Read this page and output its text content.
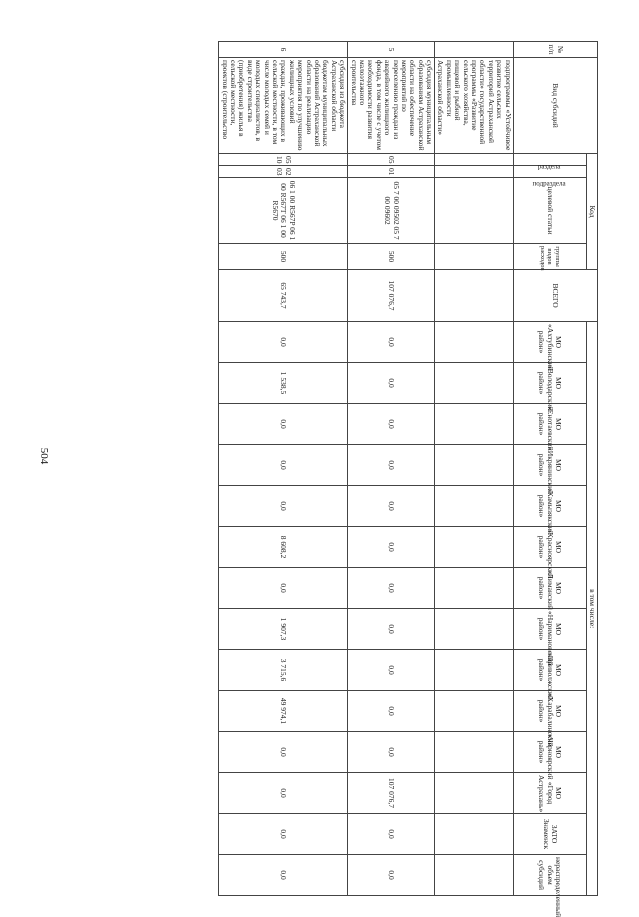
504
№ п/п	Вид субсидий	Код				ВСЕГО	в том числе:													
		раздела	подраздела	целевой статьи	группы видов расходов		МО «Ахтубинский район»	МО «Володарский район»	МО «Енотаевский район»	МО «Икрянинский район»	МО «Камызякский район»	МО «Красноярский район»	МО «Лиманский район»	МО «Наримановский район»	МО «Приволжский район»	МО «Харабалинский район»	МО «Черноярский район»	МО «Город Астрахань»	ЗАТО Знаменск	нераспределенный объем субсидий

	подпрограммы «Устойчивое развитие сельских территорий Астраханской области» государственной программы «Развитие сельского хозяйства, пищевой и рыбной промышленности Астраханской области»																			
5	субсидия муниципальным образованиям Астраханской области на обеспечение мероприятий по переселению граждан из аварийного жилищного фонда, в том числе с учетом необходимости развития малоэтажного строительства	05	01	05 7 00 09502 05 7 00 09602	500	107 076,7	0,0	0,0	0,0	0,0	0,0	0,0	0,0	0,0	0,0	0,0	0,0	107 076,7	0,0	0,0
6	субсидия из бюджета Астраханской области бюджетам муниципальных образований Астраханской области на реализацию мероприятия по улучшению жилищных условий граждан, проживающих в сельской местности, в том числе молодых семей и молодых специалистов, в виде строительства (приобретения) жилья в сельской местности, проектов (строительство	05 10	02 03	06 1 00 R567P 06 1 00 R567T 06 1 00 R5670	500	65 743,7	0,0	1 538,5	0,0	0,0	0,0	8 608,2	0,0	1 907,3	3 715,6	49 974,1	0,0	0,0	0,0	0,0
